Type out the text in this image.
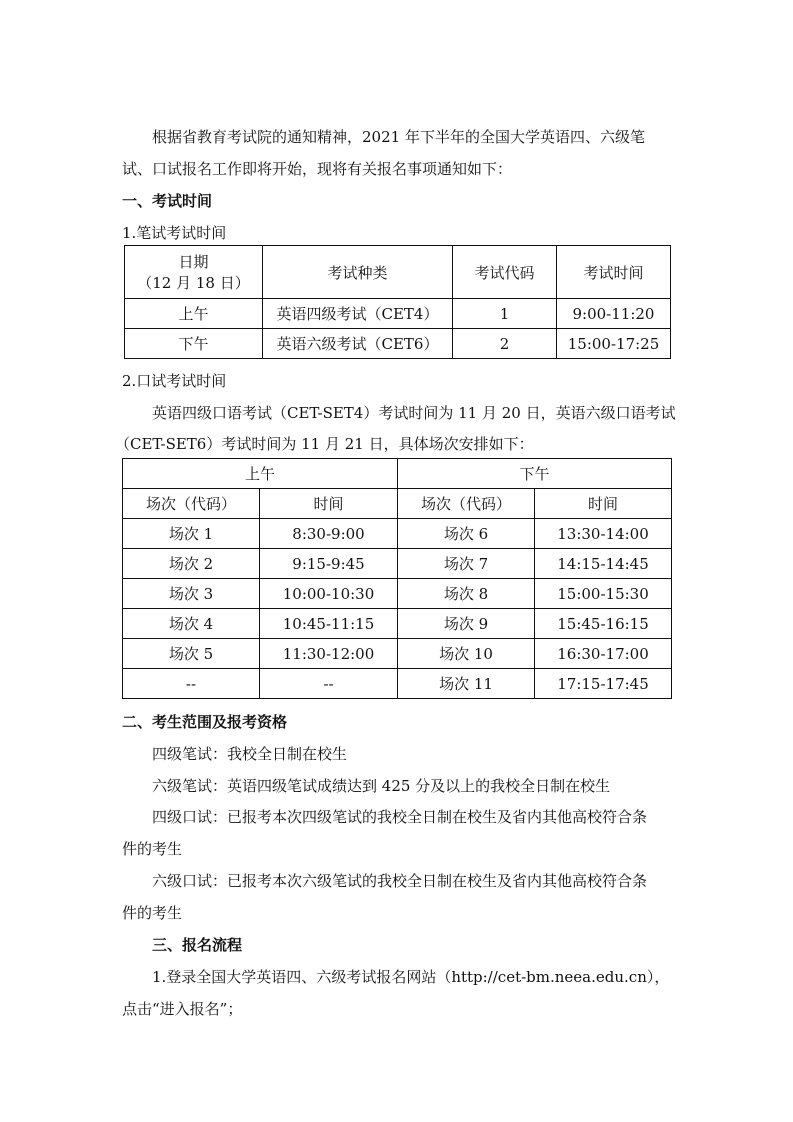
根据省教育考试院的通知精神，2021 年下半年的全国大学英语四、六级笔
试、口试报名工作即将开始，现将有关报名事项通知如下：
一、考试时间
1.笔试考试时间
日期
（12 月 18 日）	考试种类	考试代码	考试时间
上午	英语四级考试（CET4）	1	9:00-11:20
下午	英语六级考试（CET6）	2	15:00-17:25
2.口试考试时间
英语四级口语考试（CET-SET4）考试时间为 11 月 20 日，英语六级口语考试
（CET-SET6）考试时间为 11 月 21 日，具体场次安排如下：
上午		下午	
场次（代码）	时间	场次（代码）	时间
场次 1	8:30-9:00	场次 6	13:30-14:00
场次 2	9:15-9:45	场次 7	14:15-14:45
场次 3	10:00-10:30	场次 8	15:00-15:30
场次 4	10:45-11:15	场次 9	15:45-16:15
场次 5	11:30-12:00	场次 10	16:30-17:00
--	--	场次 11	17:15-17:45
二、考生范围及报考资格
四级笔试：我校全日制在校生
六级笔试：英语四级笔试成绩达到 425 分及以上的我校全日制在校生
四级口试：已报考本次四级笔试的我校全日制在校生及省内其他高校符合条
件的考生
六级口试：已报考本次六级笔试的我校全日制在校生及省内其他高校符合条
件的考生
三、报名流程
1.登录全国大学英语四、六级考试报名网站（http://cet-bm.neea.edu.cn），
点击“进入报名”；
